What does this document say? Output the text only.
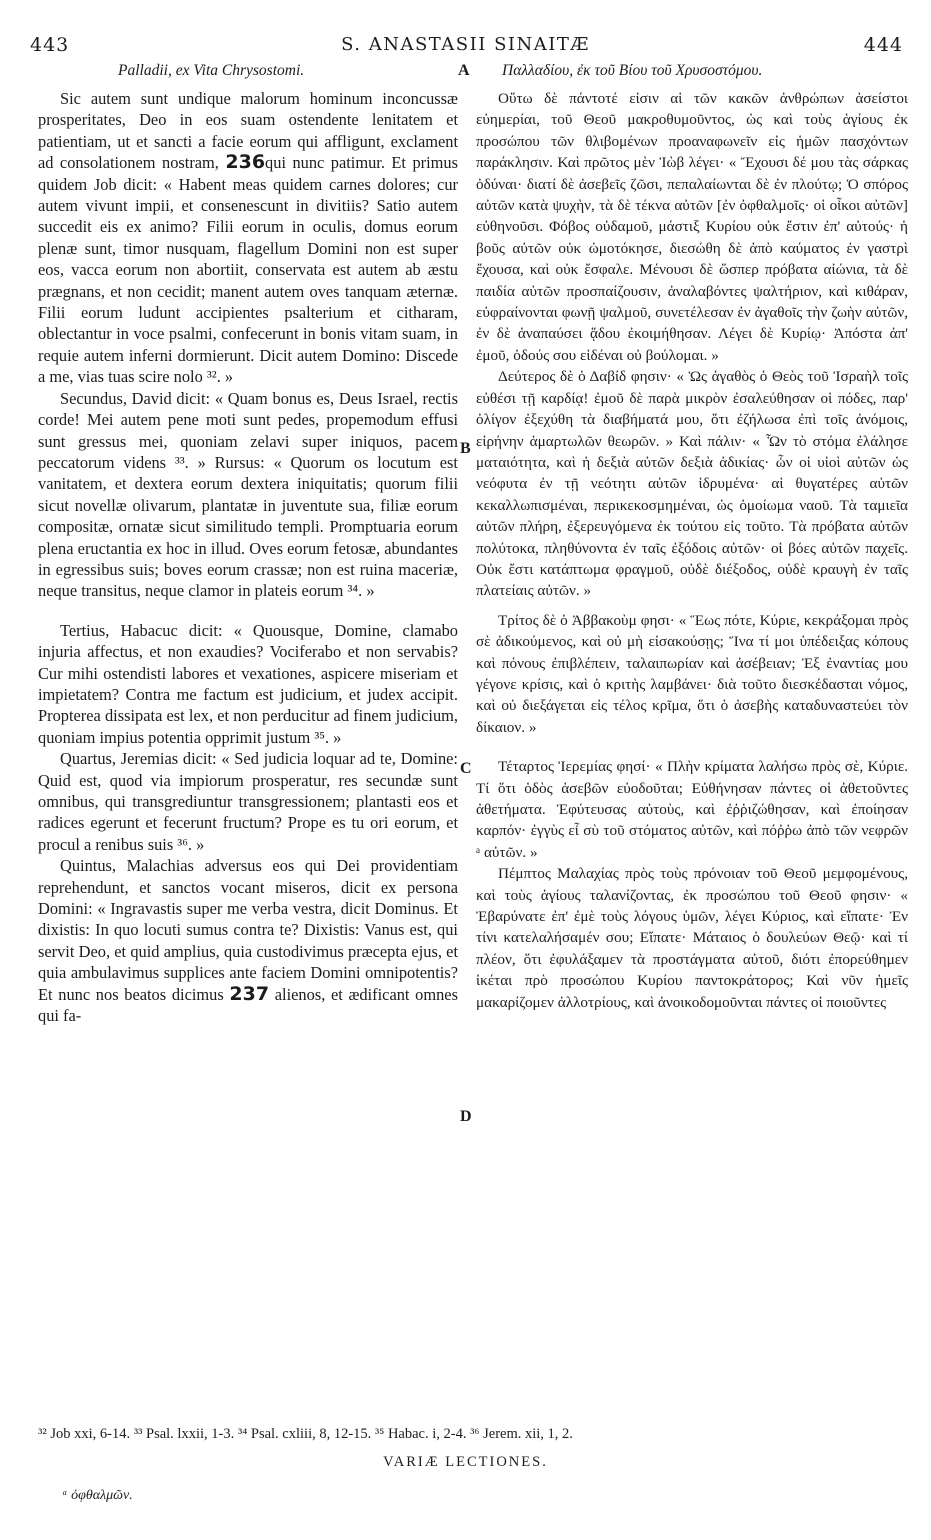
443	S. ANASTASII SINAITÆ	444
Palladii, ex Vita Chrysostomi.	Παλλαδίου, ἐκ τοῦ Βίου τοῦ Χρυσοστόμου.
A
B
C
D

Sic autem sunt undique malorum hominum inconcussæ prosperitates, Deo in eos suam ostendente lenitatem et patientiam, ut et sancti a facie eorum qui affligunt, exclament ad consolationem nostram, 236qui nunc patimur. Et primus quidem Job dicit: « Habent meas quidem carnes dolores; cur autem vivunt impii, et consenescunt in divitiis? Satio autem succedit eis ex animo? Filii eorum in oculis, domus eorum plenæ sunt, timor nusquam, flagellum Domini non est super eos, vacca eorum non abortiit, conservata est autem ab æstu prægnans, et non cecidit; manent autem oves tanquam æternæ. Filii eorum ludunt accipientes psalterium et citharam, oblectantur in voce psalmi, confecerunt in bonis vitam suam, in requie autem inferni dormierunt. Dicit autem Domino: Discede a me, vias tuas scire nolo ³². »

Secundus, David dicit: « Quam bonus es, Deus Israel, rectis corde! Mei autem pene moti sunt pedes, propemodum effusi sunt gressus mei, quoniam zelavi super iniquos, pacem peccatorum videns ³³. » Rursus: « Quorum os locutum est vanitatem, et dextera eorum dextera iniquitatis; quorum filii sicut novellæ olivarum, plantatæ in juventute sua, filiæ eorum compositæ, ornatæ sicut similitudo templi. Promptuaria eorum plena eructantia ex hoc in illud. Oves eorum fetosæ, abundantes in egressibus suis; boves eorum crassæ; non est ruina maceriæ, neque transitus, neque clamor in plateis eorum ³⁴. »

Tertius, Habacuc dicit: « Quousque, Domine, clamabo injuria affectus, et non exaudies? Vociferabo et non servabis? Cur mihi ostendisti labores et vexationes, aspicere miseriam et impietatem? Contra me factum est judicium, et judex accipit. Propterea dissipata est lex, et non perducitur ad finem judicium, quoniam impius potentia opprimit justum ³⁵. »

Quartus, Jeremias dicit: « Sed judicia loquar ad te, Domine: Quid est, quod via impiorum prosperatur, res secundæ sunt omnibus, qui transgrediuntur transgressionem; plantasti eos et radices egerunt et fecerunt fructum? Prope es tu ori eorum, et procul a renibus suis ³⁶. »

Quintus, Malachias adversus eos qui Dei providentiam reprehendunt, et sanctos vocant miseros, dicit ex persona Domini: « Ingravastis super me verba vestra, dicit Dominus. Et dixistis: In quo locuti sumus contra te? Dixistis: Vanus est, qui servit Deo, et quid amplius, quia custodivimus præcepta ejus, et quia ambulavimus supplices ante faciem Domini omnipotentis? Et nunc nos beatos dicimus 237 alienos, et ædificant omnes qui fa-

Οὕτω δὲ πάντοτέ εἰσιν αἱ τῶν κακῶν ἀνθρώπων ἀσείστοι εὐημερίαι, τοῦ Θεοῦ μακροθυμοῦντος, ὡς καὶ τοὺς ἁγίους ἐκ προσώπου τῶν θλιβομένων προαναφωνεῖν εἰς ἡμῶν πασχόντων παράκλησιν. Καὶ πρῶτος μὲν Ἰὼβ λέγει· « Ἔχουσι δέ μου τὰς σάρκας ὀδύναι· διατί δὲ ἀσεβεῖς ζῶσι, πεπαλαίωνται δὲ ἐν πλούτῳ; Ὁ σπόρος αὐτῶν κατὰ ψυχὴν, τὰ δὲ τέκνα αὐτῶν [ἐν ὀφθαλμοῖς· οἱ οἶκοι αὐτῶν] εὐθηνοῦσι. Φόβος οὐδαμοῦ, μάστιξ Κυρίου οὐκ ἔστιν ἐπ' αὐτούς· ἡ βοῦς αὐτῶν οὐκ ὠμοτόκησε, διεσώθη δὲ ἀπὸ καύματος ἐν γαστρὶ ἔχουσα, καὶ οὐκ ἔσφαλε. Μένουσι δὲ ὥσπερ πρόβατα αἰώνια, τὰ δὲ παιδία αὐτῶν προσπαίζουσιν, ἀναλαβόντες ψαλτήριον, καὶ κιθάραν, εὐφραίνονται φωνῇ ψαλμοῦ, συνετέλεσαν ἐν ἀγαθοῖς τὴν ζωὴν αὐτῶν, ἐν δὲ ἀναπαύσει ᾅδου ἐκοιμήθησαν. Λέγει δὲ Κυρίῳ· Ἀπόστα ἀπ' ἐμοῦ, ὁδούς σου εἰδέναι οὐ βούλομαι. »

Δεύτερος δὲ ὁ Δαβίδ φησιν· « Ὡς ἀγαθὸς ὁ Θεὸς τοῦ Ἰσραὴλ τοῖς εὐθέσι τῇ καρδίᾳ! ἐμοῦ δὲ παρὰ μικρὸν ἐσαλεύθησαν οἱ πόδες, παρ' ὀλίγον ἐξεχύθη τὰ διαβήματά μου, ὅτι ἐζήλωσα ἐπὶ τοῖς ἀνόμοις, εἰρήνην ἁμαρτωλῶν θεωρῶν. » Καὶ πάλιν· « Ὧν τὸ στόμα ἐλάλησε ματαιότητα, καὶ ἡ δεξιὰ αὐτῶν δεξιὰ ἀδικίας· ὧν οἱ υἱοὶ αὐτῶν ὡς νεόφυτα ἐν τῇ νεότητι αὐτῶν ἱδρυμένα· αἱ θυγατέρες αὐτῶν κεκαλλωπισμέναι, περικεκοσμημέναι, ὡς ὁμοίωμα ναοῦ. Τὰ ταμιεῖα αὐτῶν πλήρη, ἐξερευγόμενα ἐκ τούτου εἰς τοῦτο. Τὰ πρόβατα αὐτῶν πολύτοκα, πληθύνοντα ἐν ταῖς ἐξόδοις αὐτῶν· οἱ βόες αὐτῶν παχεῖς. Οὐκ ἔστι κατάπτωμα φραγμοῦ, οὐδὲ διέξοδος, οὐδὲ κραυγὴ ἐν ταῖς πλατείαις αὐτῶν. »

Τρίτος δὲ ὁ Ἀββακοὺμ φησι· « Ἕως πότε, Κύριε, κεκράξομαι πρὸς σὲ ἀδικούμενος, καὶ οὐ μὴ εἰσακούσῃς; Ἵνα τί μοι ὑπέδειξας κόπους καὶ πόνους ἐπιβλέπειν, ταλαιπωρίαν καὶ ἀσέβειαν; Ἐξ ἐναντίας μου γέγονε κρίσις, καὶ ὁ κριτὴς λαμβάνει· διὰ τοῦτο διεσκέδασται νόμος, καὶ οὐ διεξάγεται εἰς τέλος κρῖμα, ὅτι ὁ ἀσεβὴς καταδυναστεύει τὸν δίκαιον. »

Τέταρτος Ἱερεμίας φησί· « Πλὴν κρίματα λαλήσω πρὸς σὲ, Κύριε. Τί ὅτι ὁδὸς ἀσεβῶν εὐοδοῦται; Εὐθήνησαν πάντες οἱ ἀθετοῦντες ἀθετήματα. Ἐφύτευσας αὐτοὺς, καὶ ἐῤῥιζώθησαν, καὶ ἐποίησαν καρπόν· ἐγγὺς εἶ σὺ τοῦ στόματος αὐτῶν, καὶ πόῤῥω ἀπὸ τῶν νεφρῶν ᵃ αὐτῶν. »

Πέμπτος Μαλαχίας πρὸς τοὺς πρόνοιαν τοῦ Θεοῦ μεμφομένους, καὶ τοὺς ἁγίους ταλανίζοντας, ἐκ προσώπου τοῦ Θεοῦ φησιν· « Ἐβαρύνατε ἐπ' ἐμὲ τοὺς λόγους ὑμῶν, λέγει Κύριος, καὶ εἴπατε· Ἐν τίνι κατελαλήσαμέν σου; Εἴπατε· Μάταιος ὁ δουλεύων Θεῷ· καὶ τί πλέον, ὅτι ἐφυλάξαμεν τὰ προστάγματα αὐτοῦ, διότι ἐπορεύθημεν ἱκέται πρὸ προσώπου Κυρίου παντοκράτορος; Καὶ νῦν ἡμεῖς μακαρίζομεν ἀλλοτρίους, καὶ ἀνοικοδομοῦνται πάντες οἱ ποιοῦντες

³² Job xxi, 6-14. ³³ Psal. lxxii, 1-3. ³⁴ Psal. cxliii, 8, 12-15. ³⁵ Habac. i, 2-4. ³⁶ Jerem. xii, 1, 2.
VARIÆ LECTIONES.
ᵃ ὀφθαλμῶν.
